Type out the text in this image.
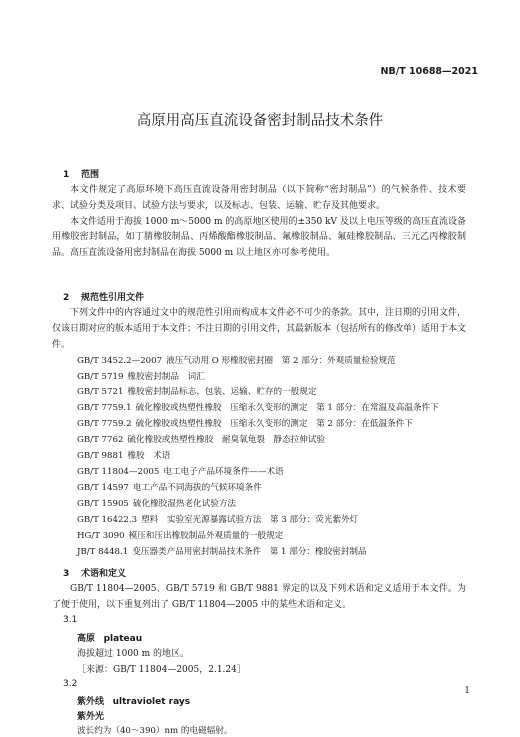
NB/T 10688—2021
高原用高压直流设备密封制品技术条件
1 范围

本文件规定了高原环境下高压直流设备用密封制品（以下简称“密封制品”）的气候条件、技术要求、试验分类及项目、试验方法与要求，以及标志、包装、运输、贮存及其他要求。

本文件适用于海拔 1000 m～5000 m 的高原地区使用的±350 kV 及以上电压等级的高压直流设备用橡胶密封制品，如丁腈橡胶制品、丙烯酸酯橡胶制品、氟橡胶制品、氟硅橡胶制品、三元乙丙橡胶制品。高压直流设备用密封制品在海拔 5000 m 以上地区亦可参考使用。

2 规范性引用文件

下列文件中的内容通过文中的规范性引用而构成本文件必不可少的条款。其中，注日期的引用文件，仅该日期对应的版本适用于本文件；不注日期的引用文件，其最新版本（包括所有的修改单）适用于本文件。

GB/T 3452.2—2007 液压气动用 O 形橡胶密封圈　第 2 部分：外观质量检验规范
GB/T 5719 橡胶密封制品　词汇
GB/T 5721 橡胶密封制品标志、包装、运输、贮存的一般规定
GB/T 7759.1 硫化橡胶或热塑性橡胶　压缩永久变形的测定　第 1 部分：在常温及高温条件下
GB/T 7759.2 硫化橡胶或热塑性橡胶　压缩永久变形的测定　第 2 部分：在低温条件下
GB/T 7762 硫化橡胶或热塑性橡胶　耐臭氧龟裂　静态拉伸试验
GB/T 9881 橡胶　术语
GB/T 11804—2005 电工电子产品环境条件——术语
GB/T 14597 电工产品不同海拔的气候环境条件
GB/T 15905 硫化橡胶湿热老化试验方法
GB/T 16422.3 塑料　实验室光源暴露试验方法　第 3 部分：荧光紫外灯
HG/T 3090 模压和压出橡胶制品外观质量的一般规定
JB/T 8448.1 变压器类产品用密封制品技术条件　第 1 部分：橡胶密封制品
3 术语和定义

GB/T 11804—2005、GB/T 5719 和 GB/T 9881 界定的以及下列术语和定义适用于本文件。为了便于使用，以下重复列出了 GB/T 11804—2005 中的某些术语和定义。

3.1
高原 plateau
海拔超过 1000 m 的地区。
［来源：GB/T 11804—2005，2.1.24］
3.2
紫外线 ultraviolet rays
紫外光
波长约为（40～390）nm 的电磁辐射。
1
